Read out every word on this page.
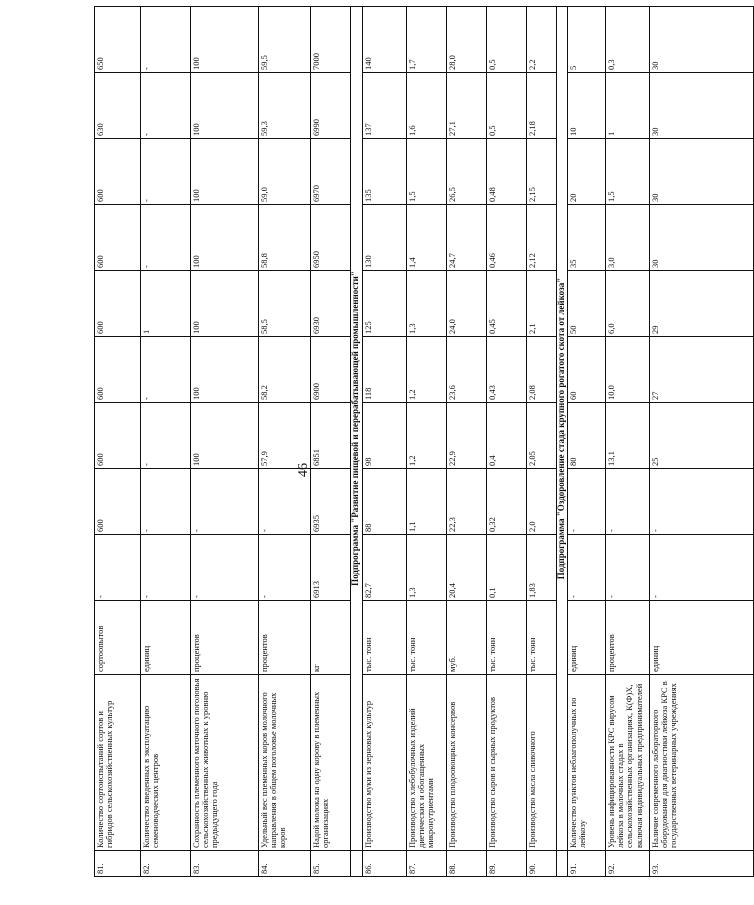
46
81.	Количество сортоиспытаний сортов и гибридов сельскохозяйственных культур	сортоопытов	-	600	600	600	600	600	600	630	650
82.	Количество введенных в эксплуатацию семеноводческих центров	единиц	-	-	-	-	1	-	-	-	-
83.	Сохранность племенного маточного поголовья сельскохозяйственных животных к уровню предыдущего года	процентов	-	-	100	100	100	100	100	100	100
84.	Удельный вес племенных коров молочного направления в общем поголовье молочных коров	процентов	-	-	57,9	58,2	58,5	58,8	59,0	59,3	59,5
85.	Надой молока на одну корову в племенных организациях	кг	6913	6935	6851	6900	6930	6950	6970	6990	7000
	Подпрограмма "Развитие пищевой и перерабатывающей промышленности"										
86.	Производство муки из зерновых культур	тыс. тонн	82,7	88	98	118	125	130	135	137	140
87.	Производство хлебобулочных изделий диетических и обогащенных микронутриентами	тыс. тонн	1,3	1,1	1,2	1,2	1,3	1,4	1,5	1,6	1,7
88.	Производство плодоовощных консервов	муб.	20,4	22,3	22,9	23,6	24,0	24,7	26,5	27,1	28,0
89.	Производство сыров и сырных продуктов	тыс. тонн	0,1	0,32	0,4	0,43	0,45	0,46	0,48	0,5	0,5
90.	Производство масла сливочного	тыс. тонн	1,83	2,0	2,05	2,08	2,1	2,12	2,15	2,18	2,2
	Подпрограмма "Оздоровление стада крупного рогатого скота от лейкоза"										
91.	Количество пунктов неблагополучных по лейкозу	единиц	-	-	80	60	50	35	20	10	5
92.	Уровень инфицированности КРС вирусом лейкоза в молочных стадах в сельскохозяйственных организациях, К(Ф)Х, включая индивидуальных предпринимателей	процентов	-	-	13,1	10,0	6,0	3,0	1,5	1	0,3
93.	Наличие современного лабораторного оборудования для диагностики лейкоза КРС в государственных ветеринарных учреждениях	единиц	-	-	25	27	29	30	30	30	30
